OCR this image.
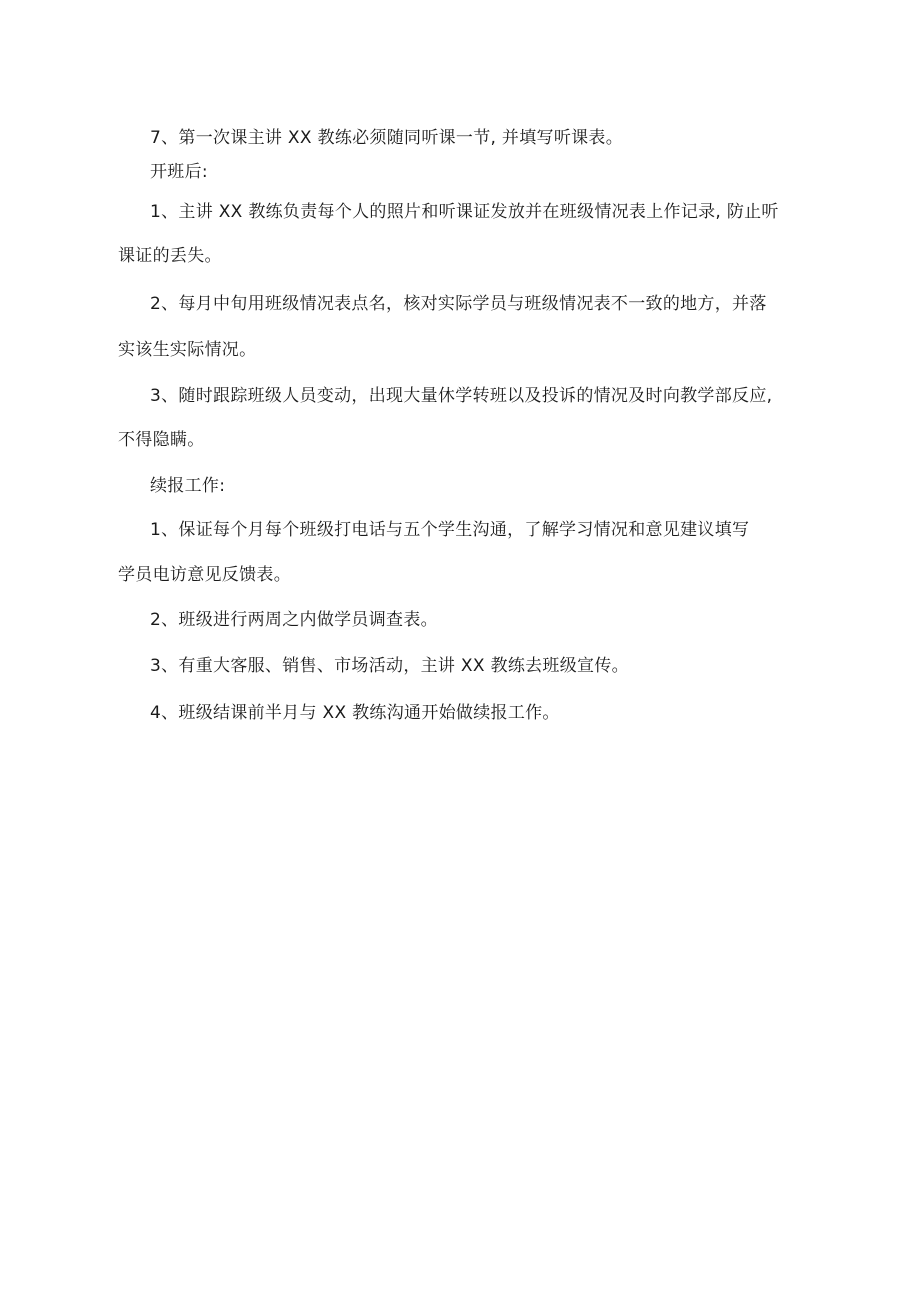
7、第一次课主讲 XX 教练必须随同听课一节, 并填写听课表。
开班后:
1、主讲 XX 教练负责每个人的照片和听课证发放并在班级情况表上作记录, 防止听
课证的丢失。
2、每月中旬用班级情况表点名，核对实际学员与班级情况表不一致的地方，并落
实该生实际情况。
3、随时跟踪班级人员变动，出现大量休学转班以及投诉的情况及时向教学部反应,
不得隐瞒。
续报工作:
1、保证每个月每个班级打电话与五个学生沟通，了解学习情况和意见建议填写
学员电访意见反馈表。
2、班级进行两周之内做学员调查表。
3、有重大客服、销售、市场活动，主讲 XX 教练去班级宣传。
4、班级结课前半月与 XX 教练沟通开始做续报工作。
